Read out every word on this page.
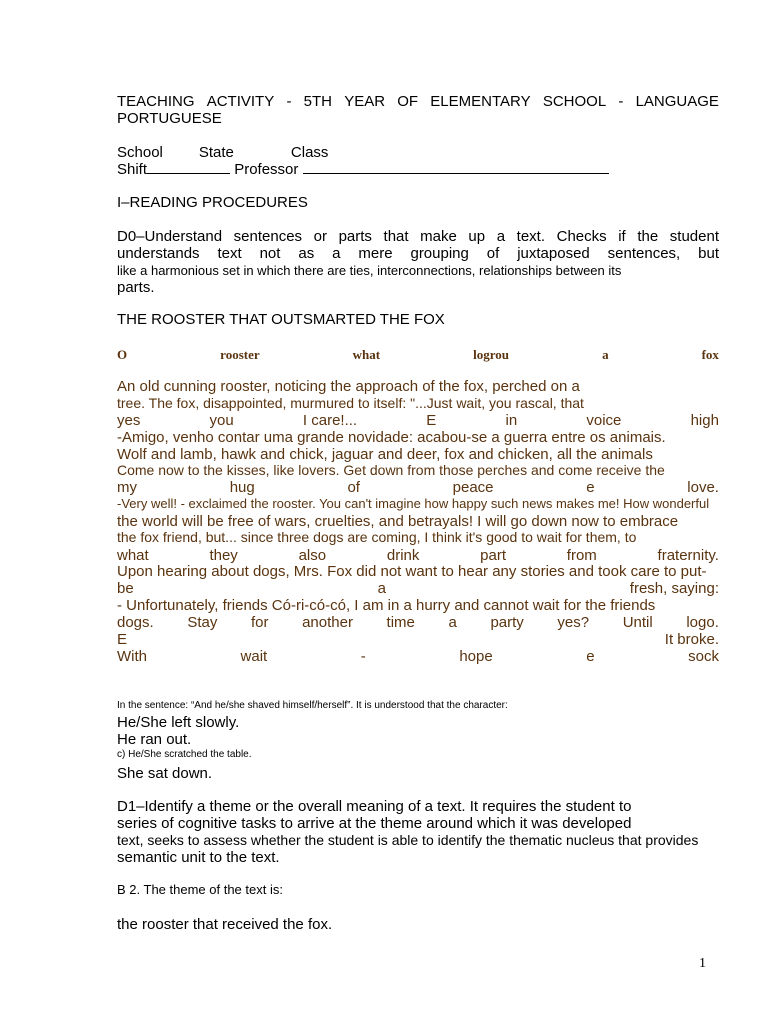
TEACHING ACTIVITY - 5TH YEAR OF ELEMENTARY SCHOOL - LANGUAGE
PORTUGUESE
School State	Class
Shift	Professor
I–READING PROCEDURES
D0–Understand sentences or parts that make up a text. Checks if the student
understands text not as a mere grouping of juxtaposed sentences, but
like a harmonious set in which there are ties, interconnections, relationships between its
parts.
THE ROOSTER THAT OUTSMARTED THE FOX
O	rooster	what	logrou	a	fox
An old cunning rooster, noticing the approach of the fox, perched on a
tree. The fox, disappointed, murmured to itself: "...Just wait, you rascal, that
yes	you	I care!...	E	in	voice	high
-Amigo, venho contar uma grande novidade: acabou-se a guerra entre os animais.
Wolf and lamb, hawk and chick, jaguar and deer, fox and chicken, all the animals
Come now to the kisses, like lovers. Get down from those perches and come receive the
my	hug	of	peace	e	love.
-Very well! - exclaimed the rooster. You can't imagine how happy such news makes me! How wonderful
the world will be free of wars, cruelties, and betrayals! I will go down now to embrace
the fox friend, but... since three dogs are coming, I think it's good to wait for them, to
what	they	also	drink	part	from	fraternity.
Upon hearing about dogs, Mrs. Fox did not want to hear any stories and took care to put-
be	a	fresh, saying:
- Unfortunately, friends Có-ri-có-có, I am in a hurry and cannot wait for the friends
dogs. Stay for another time a party yes? Until logo.
E	It broke.
With	wait	-	hope	e	sock
In the sentence: “And he/she shaved himself/herself”. It is understood that the character:
He/She left slowly.
He ran out.
c) He/She scratched the table.
She sat down.
D1–Identify a theme or the overall meaning of a text. It requires the student to
series of cognitive tasks to arrive at the theme around which it was developed
text, seeks to assess whether the student is able to identify the thematic nucleus that provides
semantic unit to the text.
B 2. The theme of the text is:
the rooster that received the fox.
1
